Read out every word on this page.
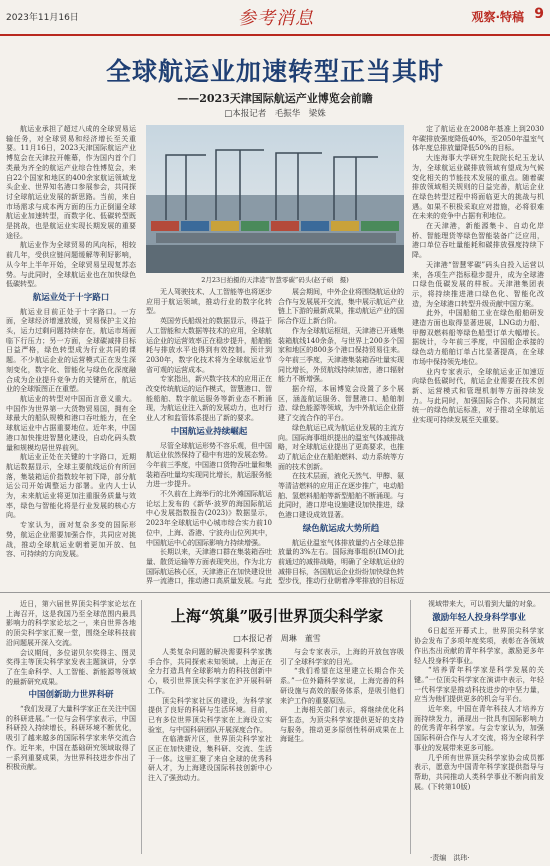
2023年11月16日	参考消息	观察·特稿 9
全球航运业加速转型正当其时
——2023天津国际航运产业博览会前瞻
□本报记者　毛振华　梁姝

航运业承担了超过八成的全球贸易运输任务，对全球贸易和经济增长至关重要。11月16日，2023天津国际航运产业博览会在天津拉开帷幕，作为国内首个门类最为齐全的航运产业综合性博览会，来自22个国家和地区的400余家航运领域龙头企业、世界知名港口参展参会，共同探讨全球航运业发展的新思路。当前，来自市场需求与成本两方面的压力正倒逼全球航运业加速转型，而数字化、低碳转型既是挑战，也是航运业实现长期发展的重要途径。

航运业作为全球贸易的风向标，相较前几年，受供应链问题缓解等利好影响，从今年上半年开始，全球贸易呈现复苏态势。与此同时，全球航运业也在加快绿色低碳转型。

航运业处于十字路口

航运业目前正处于十字路口。一方面，全球经济增速放缓，贸易保护主义抬头，运力过剩问题持续存在，航运市场面临下行压力；另一方面，全球碳减排目标日益严格，绿色转型成为行业共同的课题。不少航运企业的运营模式正在发生深刻变化，数字化、智能化与绿色化深度融合成为企业提升竞争力的关键所在，航运业的全球版图正在重塑。

航运业的转型对中国而言意义重大。中国作为世界第一大货物贸易国，拥有全球最大的船队规模和港口吞吐能力，在全球航运业中占据重要地位。近年来，中国港口加快推进智慧化建设，自动化码头数量和规模均居世界前列。

航运业正处在关键的十字路口，近期航运数据显示，全球主要航线运价有所回落，集装箱运价指数较年初下降，部分航运公司开始调整运力部署。业内人士认为，未来航运业将更加注重服务质量与效率，绿色与智能化将是行业发展的核心方向。

专家认为，面对复杂多变的国际形势，航运企业需要加强合作，共同应对挑战，推动全球航运业朝着更加开放、包容、可持续的方向发展。

2月23日拍摄的天津港“智慧零碳”码头(赵子硕　摄)

无人驾驶技术、人工智能等也将逐步应用于航运领域，推动行业的数字化转型。

英国劳氏船级社的数据显示，得益于人工智能和大数据等技术的应用，全球航运企业的运营效率正在稳步提升，船舶能耗与排放水平也得到有效控制。预计到2030年，数字化技术将为全球航运业节省可观的运营成本。

专家指出，新兴数字技术的应用正在改变传统航运的运作模式，智慧港口、智能船舶、数字航运服务等新业态不断涌现，为航运业注入新的发展动力，也对行业人才和监管体系提出了新的要求。

中国航运业持续崛起

尽管全球航运形势不容乐观，但中国航运业依然保持了稳中有进的发展态势。今年前三季度，中国港口货物吞吐量和集装箱吞吐量均实现同比增长，航运服务能力进一步提升。

不久前在上海举行的北外滩国际航运论坛上发布的《新华·波罗的海国际航运中心发展指数报告(2023)》数据显示，2023年全球航运中心城市综合实力前10位中，上海、香港、宁波舟山位列其中，中国航运中心的国际影响力持续增强。

长期以来，天津港口群在集装箱吞吐量、散货运输等方面表现突出，作为北方国际航运核心区，天津港正在加快建设世界一流港口，推动港口高质量发展。与此

展会期间，中外企业将围绕航运业的合作与发展展开交流，集中展示航运产业链上下游的最新成果，推动航运产业的国际合作迈上新台阶。

作为全球航运枢纽，天津港已开通集装箱航线140余条，与世界上200多个国家和地区的800多个港口保持贸易往来。今年前三季度，天津港集装箱吞吐量实现同比增长，外贸航线持续加密，港口辐射能力不断增强。

据介绍，本届博览会设置了多个展区，涵盖航运服务、智慧港口、船舶制造、绿色能源等领域，为中外航运企业搭建了交流合作的平台。

绿色航运已成为航运业发展的主流方向。国际海事组织提出的温室气体减排战略，对全球航运业提出了更高要求，也推动了航运企业在船舶燃料、动力系统等方面的技术创新。

在技术层面，液化天然气、甲醇、氨等清洁燃料的应用正在逐步推广，电动船舶、氢燃料船舶等新型船舶不断涌现。与此同时，港口岸电设施建设加快推进，绿色港口建设成效显著。

绿色航运成大势所趋

航运业温室气体排放量约占全球总排放量的3%左右。国际海事组织(IMO)此前通过的减排战略，明确了全球航运业的减排目标，各国航运企业纷纷加快绿色转型步伐，推动行业朝着净零排放的目标迈

定了航运业在2008年基准上到2030年碳排放强度降低40%，至2050年温室气体年度总排放量降低50%的目标。

大连海事大学研究生院院长纪玉龙认为，全球航运业碳排放领域有望成为气候变化相关的节能技术发展的重点。随着碳排放领域相关规则的日益完善，航运企业在绿色转型过程中将面临更大的挑战与机遇。如果不积极采取应对措施，必将很难在未来的竞争中占据有利地位。

在天津港，新能源集卡、自动化岸桥、智能理货等绿色智能装备广泛应用，港口单位吞吐量能耗和碳排放强度持续下降。

天津港“智慧零碳”码头自投入运营以来，各项生产指标稳步提升，成为全球港口绿色低碳发展的样板。天津港集团表示，将持续推进港口绿色化、智能化改造，为全球港口转型升级贡献中国方案。

此外，中国船舶工业在绿色船舶研发建造方面也取得显著进展，LNG动力船、甲醇双燃料船等绿色船型订单大幅增长。据统计，今年前三季度，中国船企承接的绿色动力船舶订单占比显著提高，在全球市场中保持领先地位。

业内专家表示，全球航运业正加速迈向绿色低碳时代，航运企业需要在技术创新、运营模式和管理机制等方面持续发力。与此同时，加强国际合作、共同制定统一的绿色航运标准，对于推动全球航运业实现可持续发展至关重要。

近日，第六届世界顶尖科学家论坛在上海召开，这是我国乃至全球范围内最具影响力的科学家论坛之一，来自世界各地的顶尖科学家汇聚一堂，围绕全球科技前沿问题展开深入交流。

会议期间，多位诺贝尔奖得主、图灵奖得主等顶尖科学家发表主题演讲，分享了在生命科学、人工智能、新能源等领域的最新研究成果。

中国创新助力世界科研

“我们发现了大量科学家正在关注中国的科研进展。”一位与会科学家表示，中国科研投入持续增长，科研环境不断优化，吸引了越来越多的国际科学家来华交流合作。近年来，中国在基础研究领域取得了一系列重要成果，为世界科技进步作出了积极贡献。

上海“筑巢”吸引世界顶尖科学家
□本报记者　周琳　董雪

人类复杂问题的解决需要科学家携手合作，共同探索未知领域。上海正在全力打造具有全球影响力的科技创新中心，吸引世界顶尖科学家在沪开展科研工作。

顶尖科学家社区的建设，为科学家提供了良好的科研与生活环境。目前，已有多位世界顶尖科学家在上海设立实验室，与中国科研团队开展深度合作。

在临港新片区，世界顶尖科学家社区正在加快建设，集科研、交流、生活于一体。这里汇聚了来自全球的优秀科研人才，为上海建设国际科技创新中心注入了强劲动力。

与会专家表示，上海的开放包容吸引了全球科学家的目光。

“我们希望在这里建立长期合作关系。”一位外籍科学家说，上海完善的科研设施与高效的服务体系，是吸引他们来沪工作的重要原因。

上海相关部门表示，将继续优化科研生态，为顶尖科学家提供更好的支持与服务，推动更多原创性科研成果在上海诞生。

视域带来大，可以看到大量的对象。

激励年轻人投身科学事业

6日起至开幕式上，世界顶尖科学家协会发布了多项年度奖项，表彰在各领域作出杰出贡献的青年科学家，激励更多年轻人投身科学事业。

“培养青年科学家是科学发展的关键。”一位顶尖科学家在演讲中表示，年轻一代科学家是推动科技进步的中坚力量，应当为他们提供更多的机会与平台。

近年来，中国在青年科技人才培养方面持续发力，涌现出一批具有国际影响力的优秀青年科学家。与会专家认为，加强国际科研合作与人才交流，将为全球科学事业的发展带来更多可能。

几乎所有世界顶尖科学家协会成员都表示，愿意为中国青年科学家提供指导与帮助，共同推动人类科学事业不断向前发展。(下转第10版)

·责编　洪玮·
